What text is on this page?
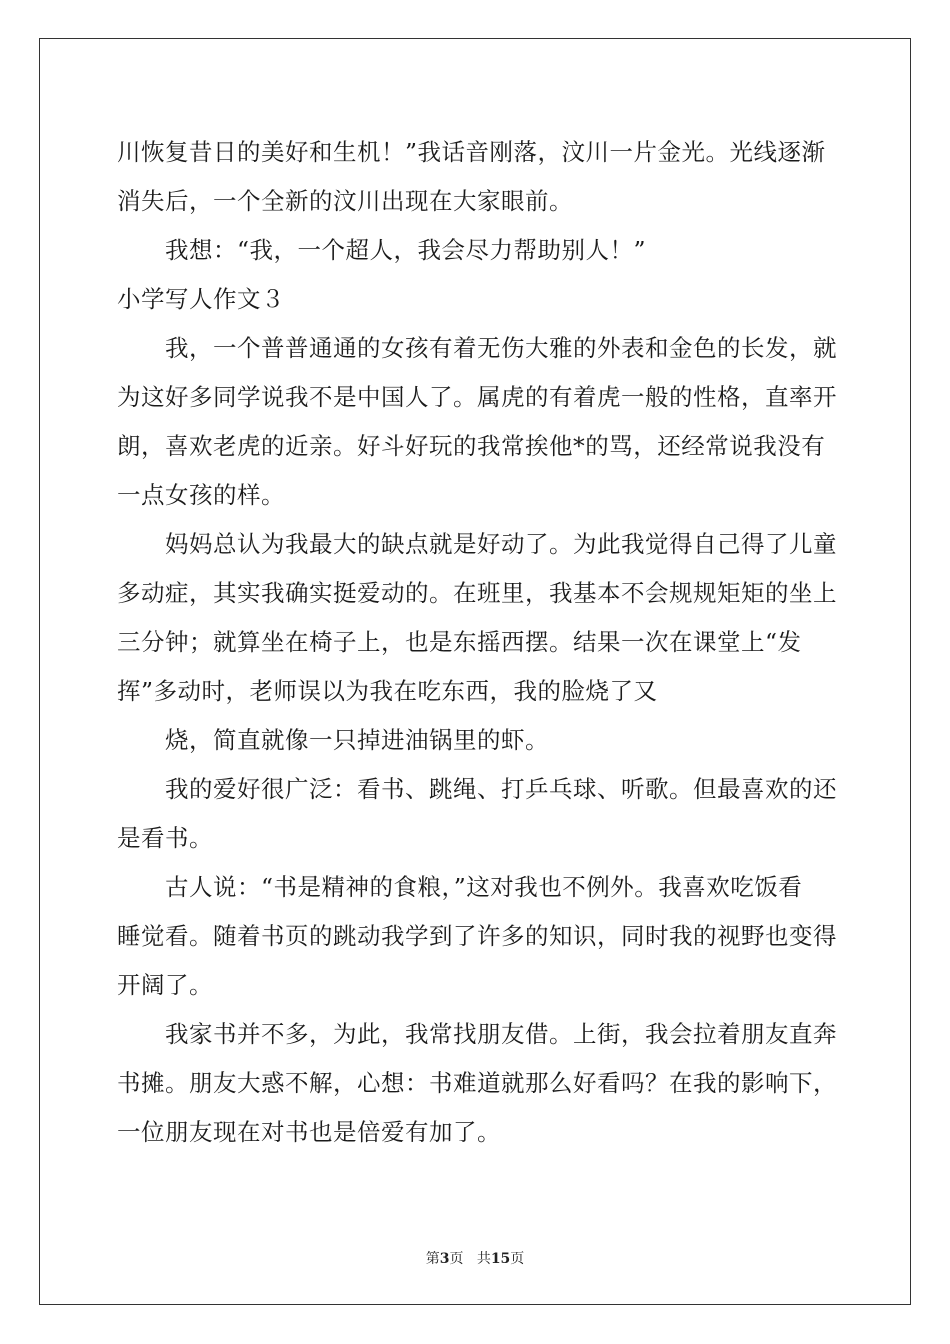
川恢复昔日的美好和生机！”我话音刚落，汶川一片金光。光线逐渐
消失后，一个全新的汶川出现在大家眼前。
我想：“我，一个超人，我会尽力帮助别人！”
小学写人作文３
我，一个普普通通的女孩有着无伤大雅的外表和金色的长发，就
为这好多同学说我不是中国人了。属虎的有着虎一般的性格，直率开
朗，喜欢老虎的近亲。好斗好玩的我常挨他*的骂，还经常说我没有
一点女孩的样。
妈妈总认为我最大的缺点就是好动了。为此我觉得自己得了儿童
多动症，其实我确实挺爱动的。在班里，我基本不会规规矩矩的坐上
三分钟；就算坐在椅子上，也是东摇西摆。结果一次在课堂上“发
挥”多动时，老师误以为我在吃东西，我的脸烧了又
烧，简直就像一只掉进油锅里的虾。
我的爱好很广泛：看书、跳绳、打乒乓球、听歌。但最喜欢的还
是看书。
古人说：“书是精神的食粮，”这对我也不例外。我喜欢吃饭看
睡觉看。随着书页的跳动我学到了许多的知识，同时我的视野也变得
开阔了。
我家书并不多，为此，我常找朋友借。上街，我会拉着朋友直奔
书摊。朋友大惑不解，心想：书难道就那么好看吗？在我的影响下，
一位朋友现在对书也是倍爱有加了。
第3页 共15页
